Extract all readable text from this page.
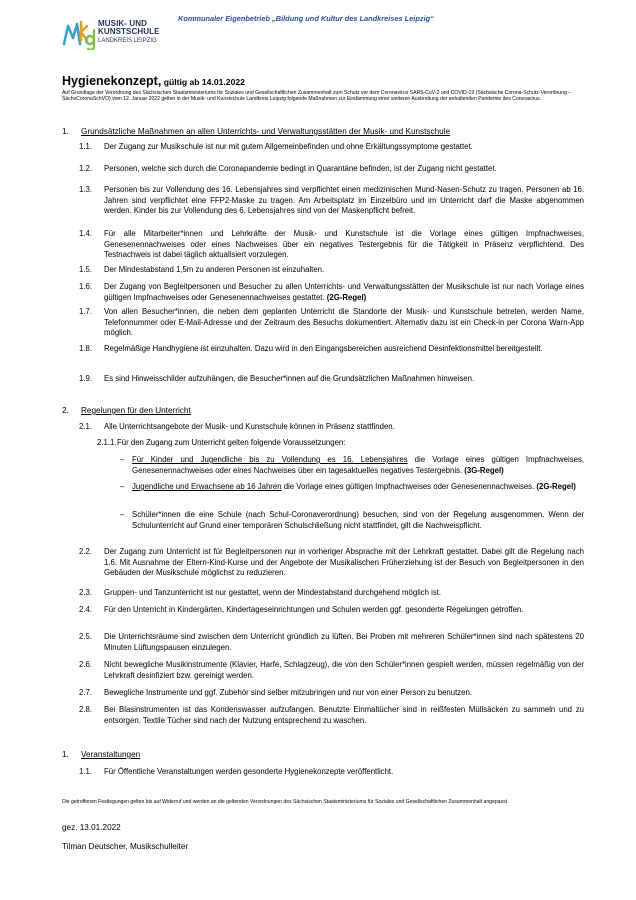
MUSIK- UND
KUNSTSCHULE
LANDKREIS LEIPZIG
Kommunaler Eigenbetrieb „Bildung und Kultur des Landkreises Leipzig“
Hygienekonzept, gültig ab 14.01.2022
Auf Grundlage der Verordnung des Sächsischen Staatsministeriums für Soziales und Gesellschaftlichen Zusammenhalt zum Schutz vor dem Coronavirus SARS-CoV-2 und COVID-19 (Sächsische Corona-Schutz-Verordnung –SächsCoronaSchVO) vom 12. Januar 2022 gelten in der Musik- und Kunstschule Landkreis Leipzig folgende Maßnahmen zur Eindämmung einer weiteren Ausbreitung der anhaltenden Pandemie des Coronavirus.
1. Grundsätzliche Maßnahmen an allen Unterrichts- und Verwaltungsstätten der Musik- und Kunstschule
1.1. Der Zugang zur Musikschule ist nur mit gutem Allgemeinbefinden und ohne Erkältungssymptome gestattet.
1.2. Personen, welche sich durch die Coronapandemie bedingt in Quarantäne befinden, ist der Zugang nicht gestattet.
1.3. Personen bis zur Vollendung des 16. Lebensjahres sind verpflichtet einen medizinischen Mund-Nasen-Schutz zu tragen. Personen ab 16. Jahren sind verpflichtet eine FFP2-Maske zu tragen. Am Arbeitsplatz im Einzelbüro und im Unterricht darf die Maske abgenommen werden. Kinder bis zur Vollendung des 6. Lebensjahres sind von der Maskenpflicht befreit.
1.4. Für alle Mitarbeiter*innen und Lehrkräfte der Musik- und Kunstschule ist die Vorlage eines gültigen Impfnachweises, Genesenennachweises oder eines Nachweises über ein negatives Testergebnis für die Tätigkeit in Präsenz verpflichtend. Des Testnachweis ist dabei täglich aktualisiert vorzulegen.
1.5. Der Mindestabstand 1,5m zu anderen Personen ist einzuhalten.
1.6. Der Zugang von Begleitpersonen und Besucher zu allen Unterrichts- und Verwaltungsstätten der Musikschule ist nur nach Vorlage eines gültigen Impfnachweises oder Genesenennachweises gestattet. (2G-Regel)
1.7. Von allen Besucher*innen, die neben dem geplanten Unterricht die Standorte der Musik- und Kunstschule betreten, werden Name, Telefonnummer oder E-Mail-Adresse und der Zeitraum des Besuchs dokumentiert. Alternativ dazu ist ein Check-in per Corona Warn-App möglich.
1.8. Regelmäßige Handhygiene ist einzuhalten. Dazu wird in den Eingangsbereichen ausreichend Desinfektionsmittel bereitgestellt.
1.9. Es sind Hinweisschilder aufzuhängen, die Besucher*innen auf die Grundsätzlichen Maßnahmen hinweisen.
2. Regelungen für den Unterricht
2.1. Alle Unterrichtsangebote der Musik- und Kunstschule können in Präsenz stattfinden.
2.1.1.Für den Zugang zum Unterricht gelten folgende Voraussetzungen:
– Für Kinder und Jugendliche bis zu Vollendung es 16. Lebensjahres die Vorlage eines gültigen Impfnachweises, Genesenennachweises oder eines Nachweises über ein tagesaktuelles negatives Testergebnis. (3G-Regel)
– Jugendliche und Erwachsene ab 16 Jahren die Vorlage eines gültigen Impfnachweises oder Genesenennachweises. (2G-Regel)
– Schüler*innen die eine Schule (nach Schul-Coronaverordnung) besuchen, sind von der Regelung ausgenommen. Wenn der Schulunterricht auf Grund einer temporären Schulschließung nicht stattfindet, gilt die Nachweispflicht.
2.2. Der Zugang zum Unterricht ist für Begleitpersonen nur in vorheriger Absprache mit der Lehrkraft gestattet. Dabei gilt die Regelung nach 1.6. Mit Ausnahme der Eltern-Kind-Kurse und der Angebote der Musikalischen Früherziehung ist der Besuch von Begleitpersonen in den Gebäuden der Musikschule möglichst zu reduzieren.
2.3. Gruppen- und Tanzunterricht ist nur gestattet, wenn der Mindestabstand durchgehend möglich ist.
2.4. Für den Unterricht in Kindergärten, Kindertageseinrichtungen und Schulen werden ggf. gesonderte Regelungen getroffen.
2.5. Die Unterrichtsräume sind zwischen dem Unterricht gründlich zu lüften. Bei Proben mit mehreren Schüler*innen sind nach spätestens 20 Minuten Lüftungspausen einzulegen.
2.6. Nicht bewegliche Musikinstrumente (Klavier, Harfe, Schlagzeug), die von den Schüler*innen gespielt werden, müssen regelmäßig von der Lehrkraft desinfiziert bzw. gereinigt werden.
2.7. Bewegliche Instrumente und ggf. Zubehör sind selber mitzubringen und nur von einer Person zu benutzen.
2.8. Bei Blasinstrumenten ist das Kondenswasser aufzufangen. Benutzte Einmaltücher sind in reißfesten Müllsäcken zu sammeln und zu entsorgen. Textile Tücher sind nach der Nutzung entsprechend zu waschen.
1. Veranstaltungen
1.1. Für Öffentliche Veranstaltungen werden gesonderte Hygienekonzepte veröffentlicht.
Die getroffenen Festlegungen gelten bis auf Widerruf und werden an die geltenden Verordnungen des Sächsischen Staatsministeriums für Soziales und Gesellschaftlichen Zusammenhalt angepasst.
gez. 13.01.2022
Tilman Deutscher, Musikschulleiter
